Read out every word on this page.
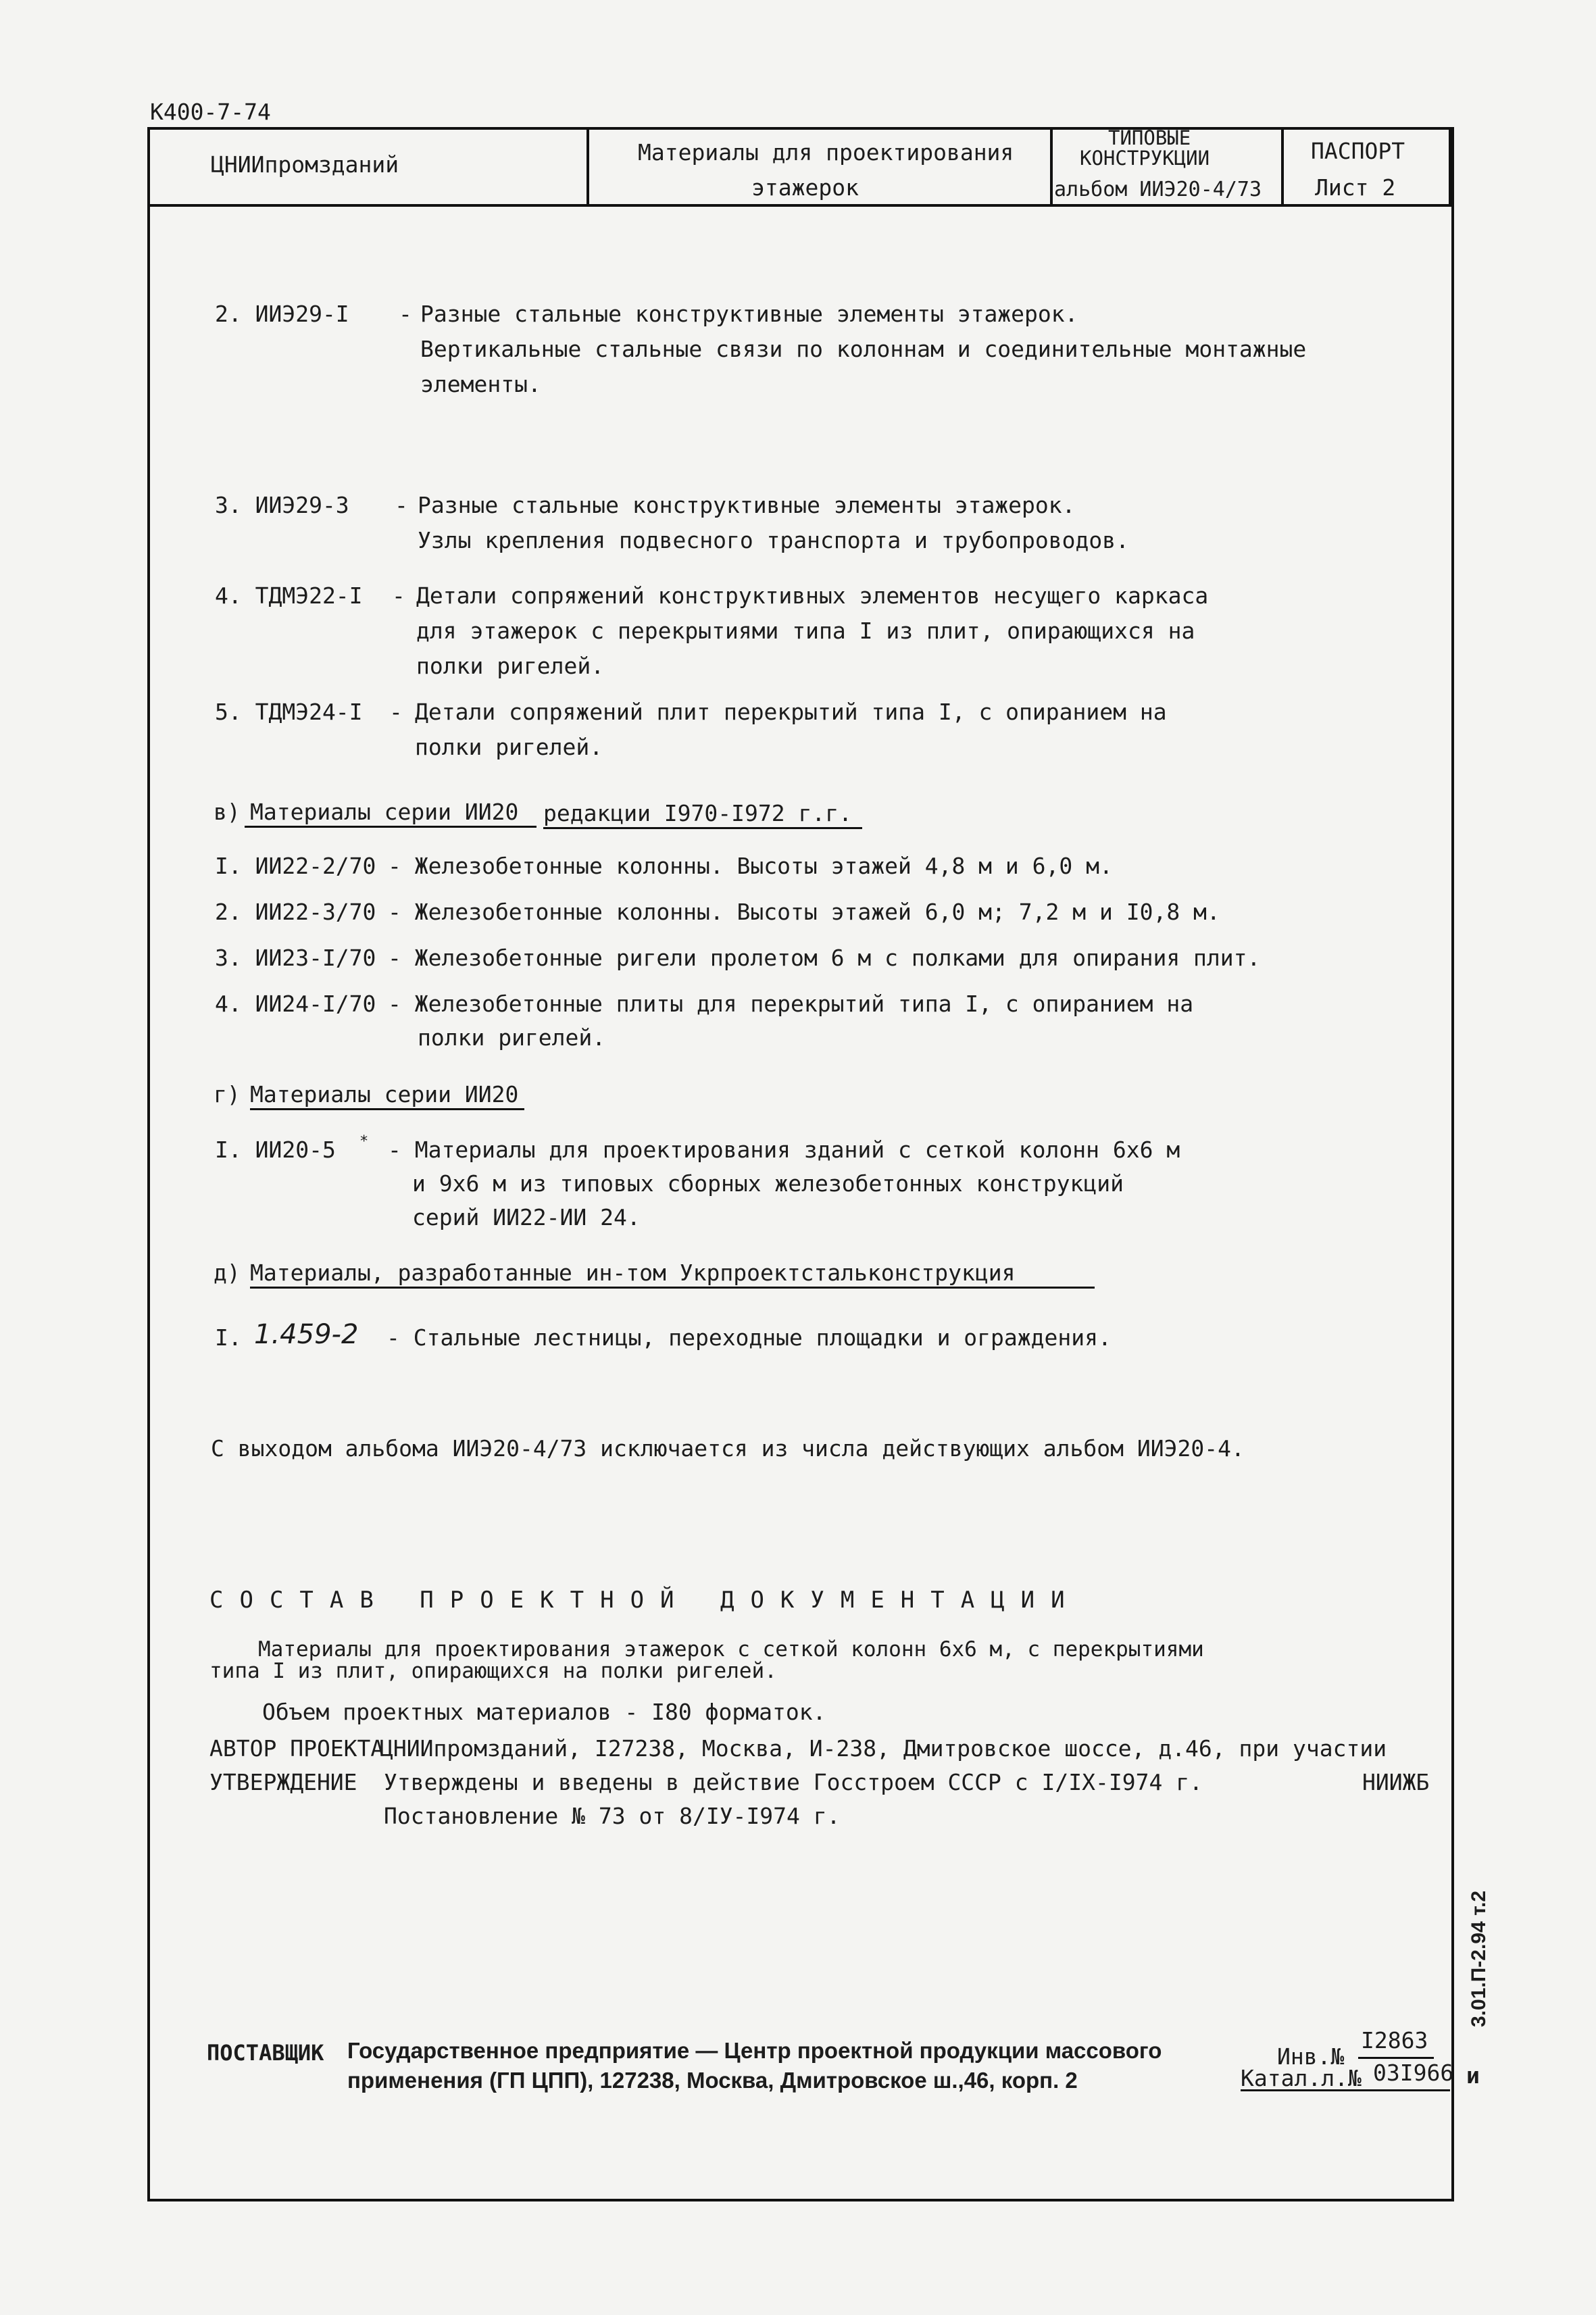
К400-7-74
ЦНИИпромзданий	Материалы для проектирования
этажерок
ТИПОВЫЕ
КОНСТРУКЦИИ
альбом ИИЭ20-4/73
ПАСПОРТ
Лист 2
2. ИИЭ29-I - Разные стальные конструктивные элементы этажерок.
Вертикальные стальные связи по колоннам и соединительные монтажные
элементы.
3. ИИЭ29-3 - Разные стальные конструктивные элементы этажерок.
Узлы крепления подвесного транспорта и трубопроводов.
4. ТДМЭ22-I - Детали сопряжений конструктивных элементов несущего каркаса
для этажерок с перекрытиями типа I из плит, опирающихся на
полки ригелей.
5. ТДМЭ24-I - Детали сопряжений плит перекрытий типа I, с опиранием на
полки ригелей.
в) Материалы серии ИИ20 редакции I970-I972 г.г.
I. ИИ22-2/70 - Железобетонные колонны. Высоты этажей 4,8 м и 6,0 м.
2. ИИ22-3/70 - Железобетонные колонны. Высоты этажей 6,0 м; 7,2 м и I0,8 м.
3. ИИ23-I/70 - Железобетонные ригели пролетом 6 м с полками для опирания плит.
4. ИИ24-I/70 - Железобетонные плиты для перекрытий типа I, с опиранием на
полки ригелей.
г) Материалы серии ИИ20
I. ИИ20-5 * - Материалы для проектирования зданий с сеткой колонн 6х6 м
и 9х6 м из типовых сборных железобетонных конструкций
серий ИИ22-ИИ 24.
д) Материалы, разработанные ин-том Укрпроектстальконструкция
I. 1.459-2 - Стальные лестницы, переходные площадки и ограждения.
С выходом альбома ИИЭ20-4/73 исключается из числа действующих альбом ИИЭ20-4.
СОСТАВ ПРОЕКТНОЙ ДОКУМЕНТАЦИИ
Материалы для проектирования этажерок с сеткой колонн 6х6 м, с перекрытиями
типа I из плит, опирающихся на полки ригелей.
Объем проектных материалов - I80 форматок.
АВТОР ПРОЕКТА
ЦНИИпромзданий, I27238, Москва, И-238, Дмитровское шоссе, д.46, при участии
УТВЕРЖДЕНИЕ Утверждены и введены в действие Госстроем СССР с I/IX-I974 г.	НИИЖБ
Постановление № 73 от 8/IУ-I974 г.
ПОСТАВЩИК Государственное предприятие — Центр проектной продукции массового
применения (ГП ЦПП), 127238, Москва, Дмитровское ш.,46, корп. 2
Инв.№
I2863
Катал.л.№ 03I966 и
3.01.П-2.94 т.2
